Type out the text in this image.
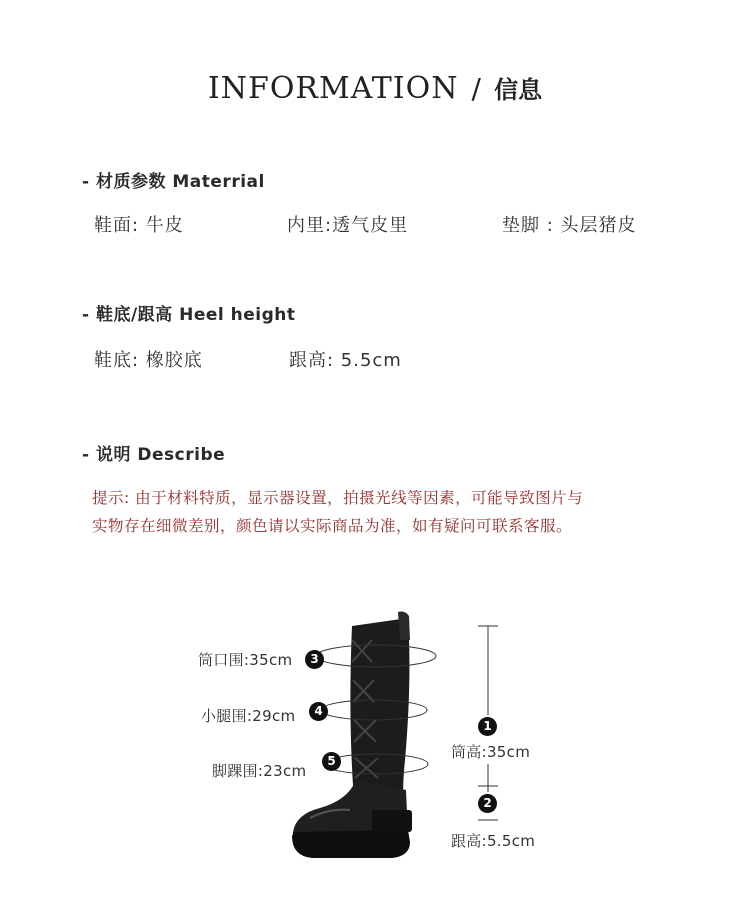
INFORMATION / 信息
- 材质参数 Materrial
鞋面: 牛皮	内里:透气皮里	垫脚 : 头层猪皮
- 鞋底/跟高 Heel height
鞋底: 橡胶底	跟高: 5.5cm
- 说明 Describe
提示: 由于材料特质，显示器设置，拍摄光线等因素，可能导致图片与
实物存在细微差别，颜色请以实际商品为准，如有疑问可联系客服。
筒口围:35cm	3
小腿围:29cm	4
脚踝围:23cm
5
1
筒高:35cm
2
跟高:5.5cm
